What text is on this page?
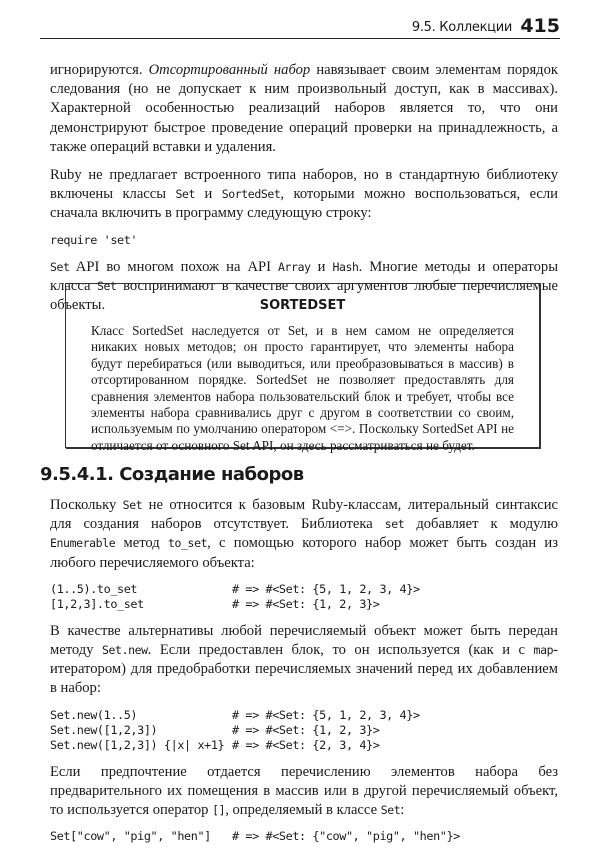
9.5. Коллекции 415

игнорируются. Отсортированный набор навязывает своим элементам порядок следования (но не допускает к ним произвольный доступ, как в массивах). Характерной особенностью реализаций наборов является то, что они демонстрируют быстрое проведение операций проверки на принадлежность, а также операций вставки и удаления.

Ruby не предлагает встроенного типа наборов, но в стандартную библиотеку включены классы Set и SortedSet, которыми можно воспользоваться, если сначала включить в программу следующую строку:

require 'set'

Set API во многом похож на API Array и Hash. Многие методы и операторы класса Set воспринимают в качестве своих аргументов любые перечисляемые объекты.	SORTEDSET

Класс SortedSet наследуется от Set, и в нем самом не определяется никаких новых методов; он просто гарантирует, что элементы набора будут перебираться (или выводиться, или преобразовываться в массив) в отсортированном порядке. SortedSet не позволяет предоставлять для сравнения элементов набора пользовательский блок и требует, чтобы все элементы набора сравнивались друг с другом в соответствии со своим, используемым по умолчанию оператором <=>. Поскольку SortedSet API не отличается от основного Set API, он здесь рассматриваться не будет.

9.5.4.1. Создание наборов

Поскольку Set не относится к базовым Ruby-классам, литеральный синтаксис для создания наборов отсутствует. Библиотека set добавляет к модулю Enumerable метод to_set, с помощью которого набор может быть создан из любого перечисляемого объекта:

(1..5).to_set	# => #<Set: {5, 1, 2, 3, 4}>
[1,2,3].to_set	# => #<Set: {1, 2, 3}>

В качестве альтернативы любой перечисляемый объект может быть передан методу Set.new. Если предоставлен блок, то он используется (как и с map-итератором) для предобработки перечисляемых значений перед их добавлением в набор:

Set.new(1..5)	# => #<Set: {5, 1, 2, 3, 4}>
Set.new([1,2,3])	# => #<Set: {1, 2, 3}>
Set.new([1,2,3]) {|x| x+1} # => #<Set: {2, 3, 4}>

Если предпочтение отдается перечислению элементов набора без предварительного их помещения в массив или в другой перечисляемый объект, то используется оператор [], определяемый в классе Set:

Set["cow", "pig", "hen"]	# => #<Set: {"cow", "pig", "hen"}>
